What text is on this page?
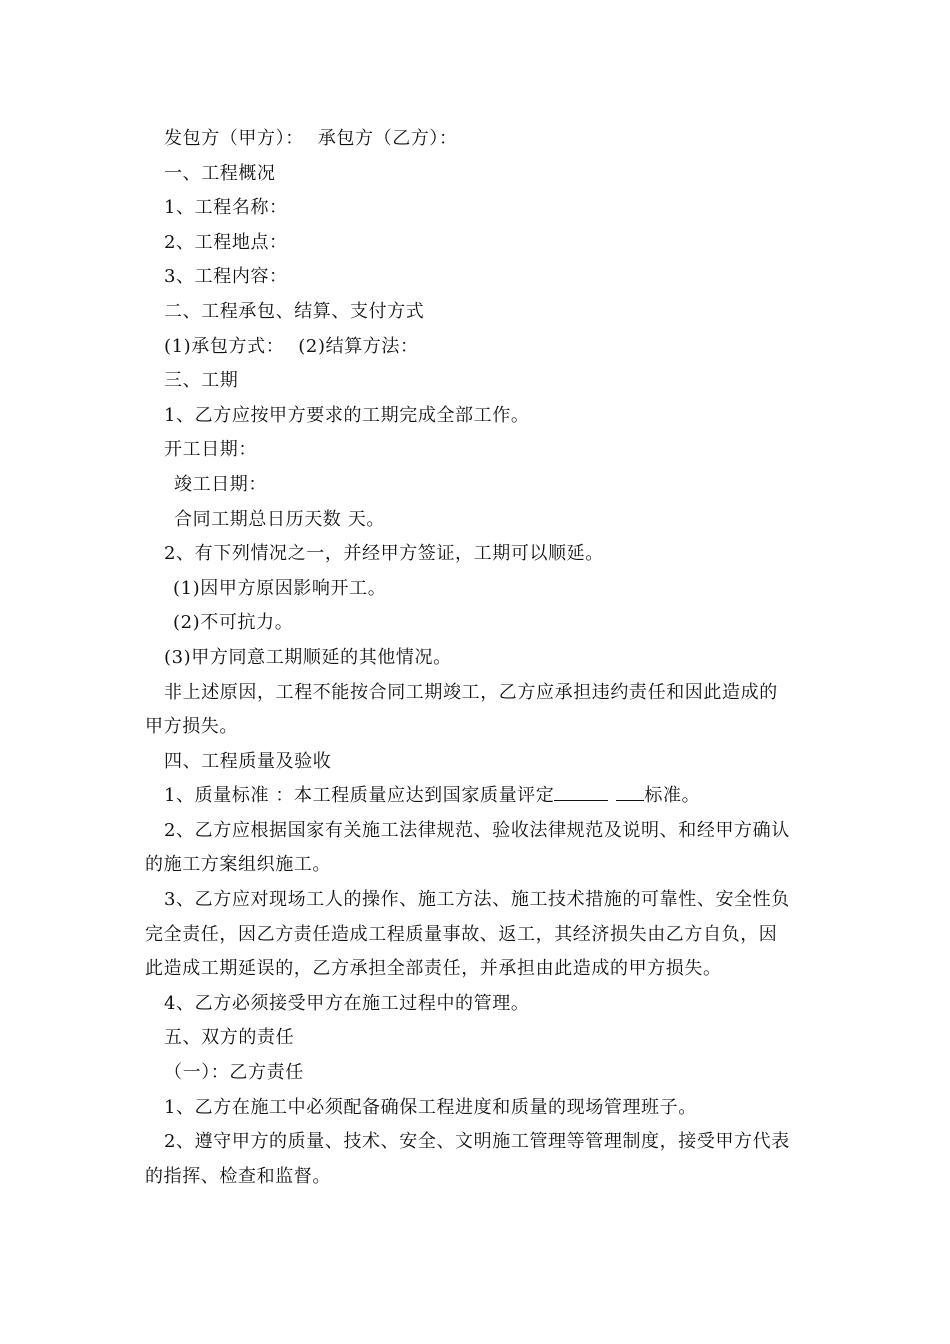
发包方（甲方）： 承包方（乙方）：
一、工程概况
1、工程名称：
2、工程地点：
3、工程内容：
二、工程承包、结算、支付方式
(1)承包方式： (2)结算方法：
三、工期
1、乙方应按甲方要求的工期完成全部工作。
开工日期：
竣工日期：
合同工期总日历天数 天。
2、有下列情况之一，并经甲方签证，工期可以顺延。
(1)因甲方原因影响开工。
(2)不可抗力。
(3)甲方同意工期顺延的其他情况。
非上述原因，工程不能按合同工期竣工，乙方应承担违约责任和因此造成的
甲方损失。
四、工程质量及验收
1、质量标准 ：本工程质量应达到国家质量评定	标准。
2、乙方应根据国家有关施工法律规范、验收法律规范及说明、和经甲方确认
的施工方案组织施工。
3、乙方应对现场工人的操作、施工方法、施工技术措施的可靠性、安全性负
完全责任，因乙方责任造成工程质量事故、返工，其经济损失由乙方自负，因
此造成工期延误的，乙方承担全部责任，并承担由此造成的甲方损失。
4、乙方必须接受甲方在施工过程中的管理。
五、双方的责任
（一）：乙方责任
1、乙方在施工中必须配备确保工程进度和质量的现场管理班子。
2、遵守甲方的质量、技术、安全、文明施工管理等管理制度，接受甲方代表
的指挥、检查和监督。
